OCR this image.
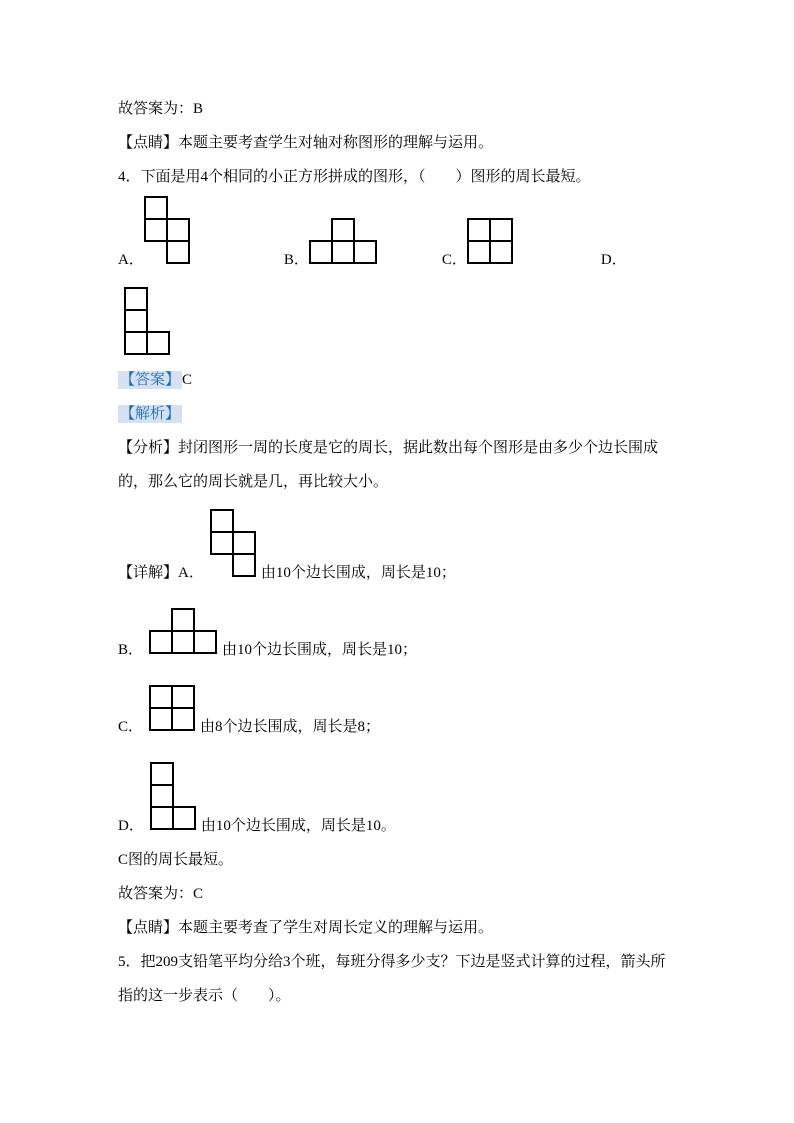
故答案为：B

【点睛】本题主要考查学生对轴对称图形的理解与运用。

4．下面是用4个相同的小正方形拼成的图形，（　　）图形的周长最短。

A．	B．	C．	D．

【答案】 C

【解析】

【分析】封闭图形一周的长度是它的周长，据此数出每个图形是由多少个边长围成的，那么它的周长就是几，再比较大小。

【详解】A．	由10个边长围成，周长是10；
B．	由10个边长围成，周长是10；
C．	由8个边长围成，周长是8；
D．	由10个边长围成，周长是10。

C图的周长最短。

故答案为：C

【点睛】本题主要考查了学生对周长定义的理解与运用。

5．把209支铅笔平均分给3个班，每班分得多少支？下边是竖式计算的过程，箭头所指的这一步表示（　　）。
